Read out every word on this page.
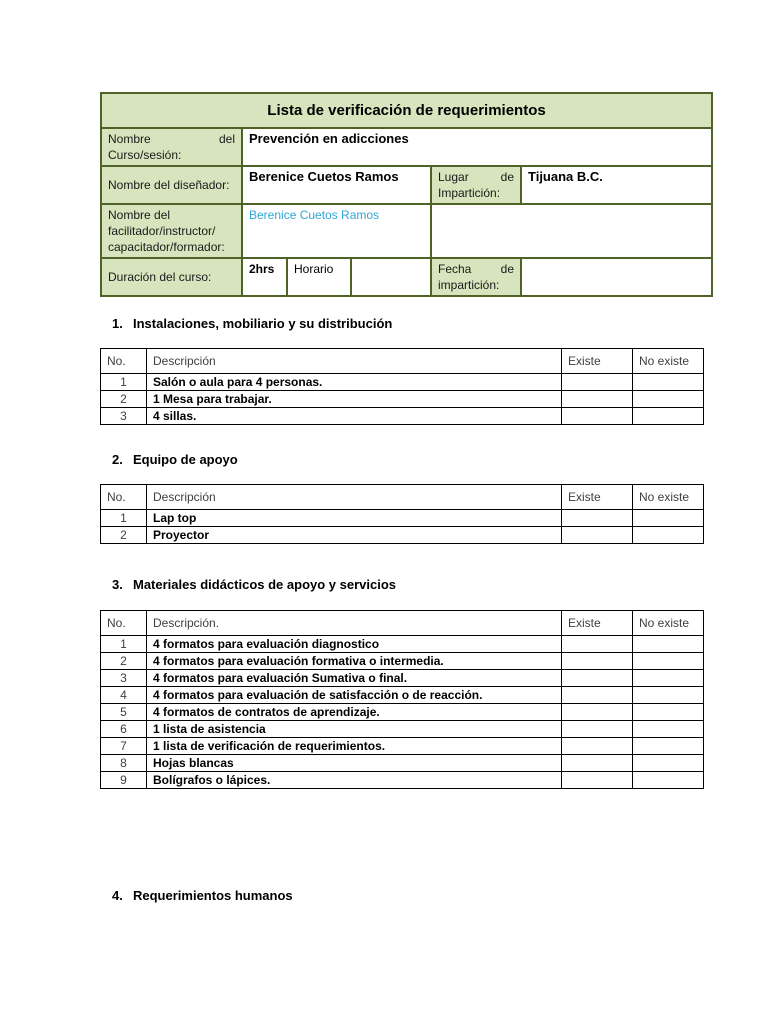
Lista de verificación de requerimientos					

Nombre del
Curso/sesión:	Prevención en adicciones				
Nombre del diseñador:	Berenice Cuetos Ramos			Lugar de
Impartición:	Tijuana B.C.

Nombre del
facilitador/instructor/
capacitador/formador:	Berenice Cuetos Ramos				
Duración del curso:	2hrs	Horario		Fecha de
impartición:	

1. Instalaciones, mobiliario y su distribución
No.	Descripción	Existe	No existe
1	Salón o aula para 4 personas.		
2	1 Mesa para trabajar.		
3	4 sillas.		
2. Equipo de apoyo
No.	Descripción	Existe	No existe
1	Lap top		
2	Proyector		
3. Materiales didácticos de apoyo y servicios
No.	Descripción.	Existe	No existe
1	4 formatos para evaluación diagnostico		
2	4 formatos para evaluación formativa o intermedia.		
3	4 formatos para evaluación Sumativa o final.		
4	4 formatos para evaluación de satisfacción o de reacción.		
5	4 formatos de contratos de aprendizaje.		
6	1 lista de asistencia		
7	1 lista de verificación de requerimientos.		
8	Hojas blancas		
9	Bolígrafos o lápices.		
4. Requerimientos humanos
